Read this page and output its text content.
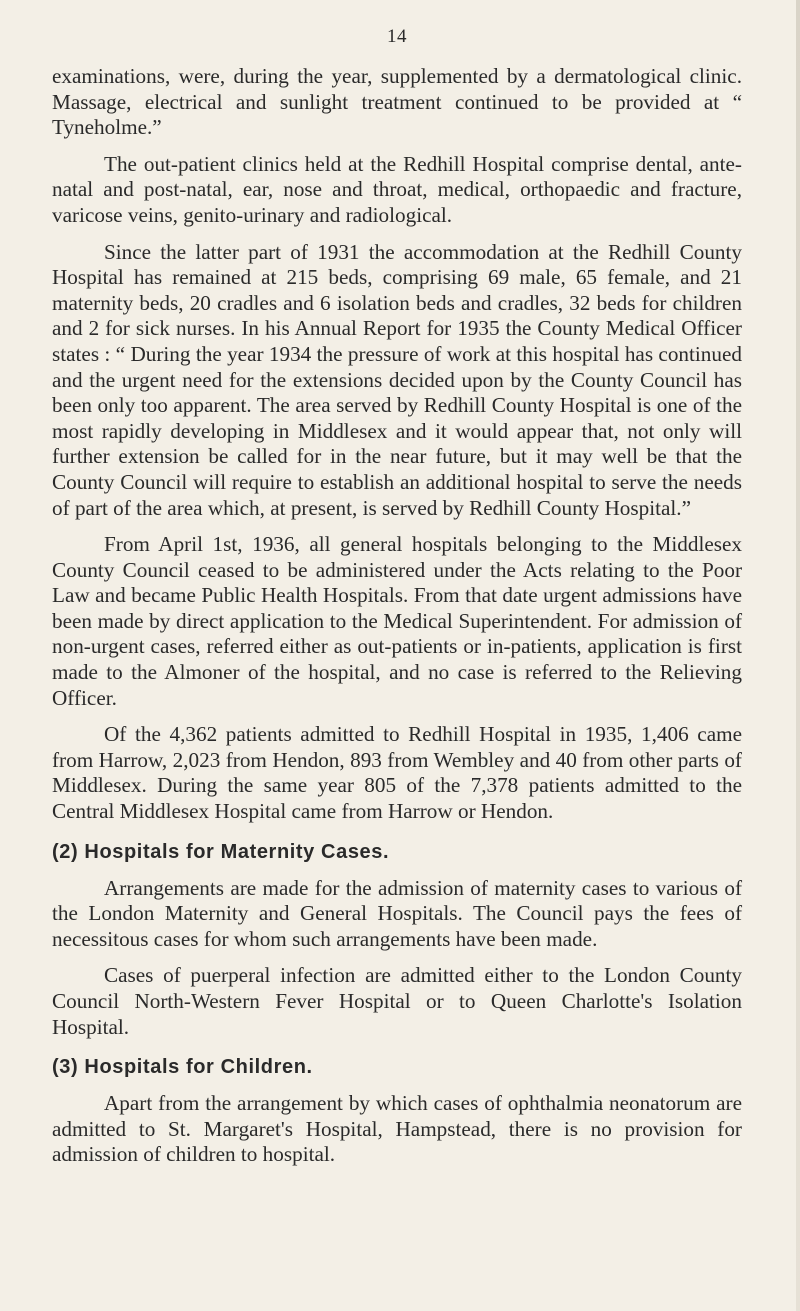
14

examinations, were, during the year, supplemented by a dermatological clinic. Massage, electrical and sunlight treatment continued to be provided at “ Tyneholme.”

The out-patient clinics held at the Redhill Hospital comprise dental, ante-natal and post-natal, ear, nose and throat, medical, orthopaedic and fracture, varicose veins, genito-urinary and radiological.

Since the latter part of 1931 the accommodation at the Redhill County Hospital has remained at 215 beds, comprising 69 male, 65 female, and 21 maternity beds, 20 cradles and 6 isolation beds and cradles, 32 beds for children and 2 for sick nurses. In his Annual Report for 1935 the County Medical Officer states : “ During the year 1934 the pressure of work at this hospital has continued and the urgent need for the extensions decided upon by the County Council has been only too apparent. The area served by Redhill County Hospital is one of the most rapidly developing in Middlesex and it would appear that, not only will further extension be called for in the near future, but it may well be that the County Council will require to establish an additional hospital to serve the needs of part of the area which, at present, is served by Redhill County Hospital.”

From April 1st, 1936, all general hospitals belonging to the Middlesex County Council ceased to be administered under the Acts relating to the Poor Law and became Public Health Hospitals. From that date urgent admissions have been made by direct application to the Medical Superintendent. For admission of non-urgent cases, referred either as out-patients or in-patients, application is first made to the Almoner of the hospital, and no case is referred to the Relieving Officer.

Of the 4,362 patients admitted to Redhill Hospital in 1935, 1,406 came from Harrow, 2,023 from Hendon, 893 from Wembley and 40 from other parts of Middlesex. During the same year 805 of the 7,378 patients admitted to the Central Middlesex Hospital came from Harrow or Hendon.

(2) Hospitals for Maternity Cases.

Arrangements are made for the admission of maternity cases to various of the London Maternity and General Hospitals. The Council pays the fees of necessitous cases for whom such arrangements have been made.

Cases of puerperal infection are admitted either to the London County Council North-Western Fever Hospital or to Queen Charlotte's Isolation Hospital.

(3) Hospitals for Children.

Apart from the arrangement by which cases of ophthalmia neonatorum are admitted to St. Margaret's Hospital, Hampstead, there is no provision for admission of children to hospital.
